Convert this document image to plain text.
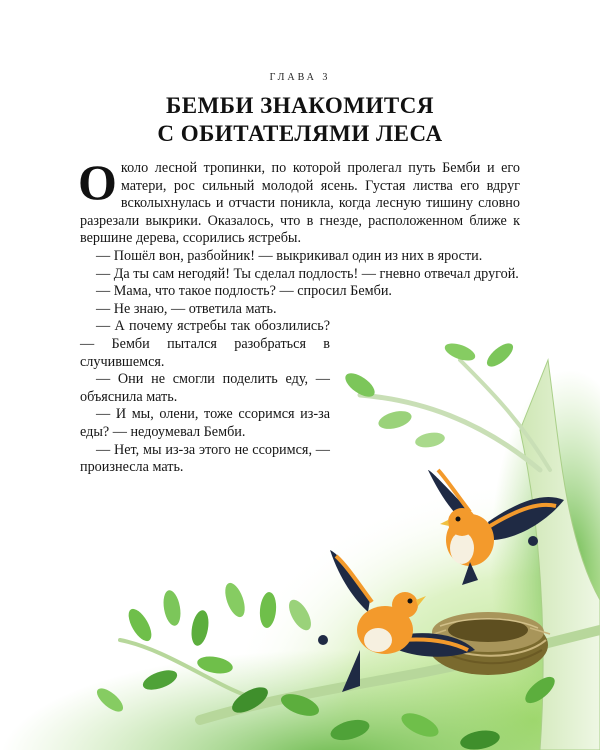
ГЛАВА 3
БЕМБИ ЗНАКОМИТСЯ
С ОБИТАТЕЛЯМИ ЛЕСА

Около лесной тропинки, по которой пролегал путь Бемби и его матери, рос сильный молодой ясень. Густая листва его вдруг всколыхнулась и отчасти поникла, когда лесную тишину словно разрезали выкрики. Оказалось, что в гнезде, расположенном ближе к вершине дерева, ссорились ястребы.

— Пошёл вон, разбойник! — выкрикивал один из них в ярости.

— Да ты сам негодяй! Ты сделал подлость! — гневно отвечал другой.

— Мама, что такое подлость? — спросил Бемби.

— Не знаю, — ответила мать.

— А почему ястребы так обозлились? — Бемби пытался разобраться в случившемся.

— Они не смогли поделить еду, — объяснила мать.

— И мы, олени, тоже ссоримся из-за еды? — недоумевал Бемби.

— Нет, мы из-за этого не ссоримся, — произнесла мать.
